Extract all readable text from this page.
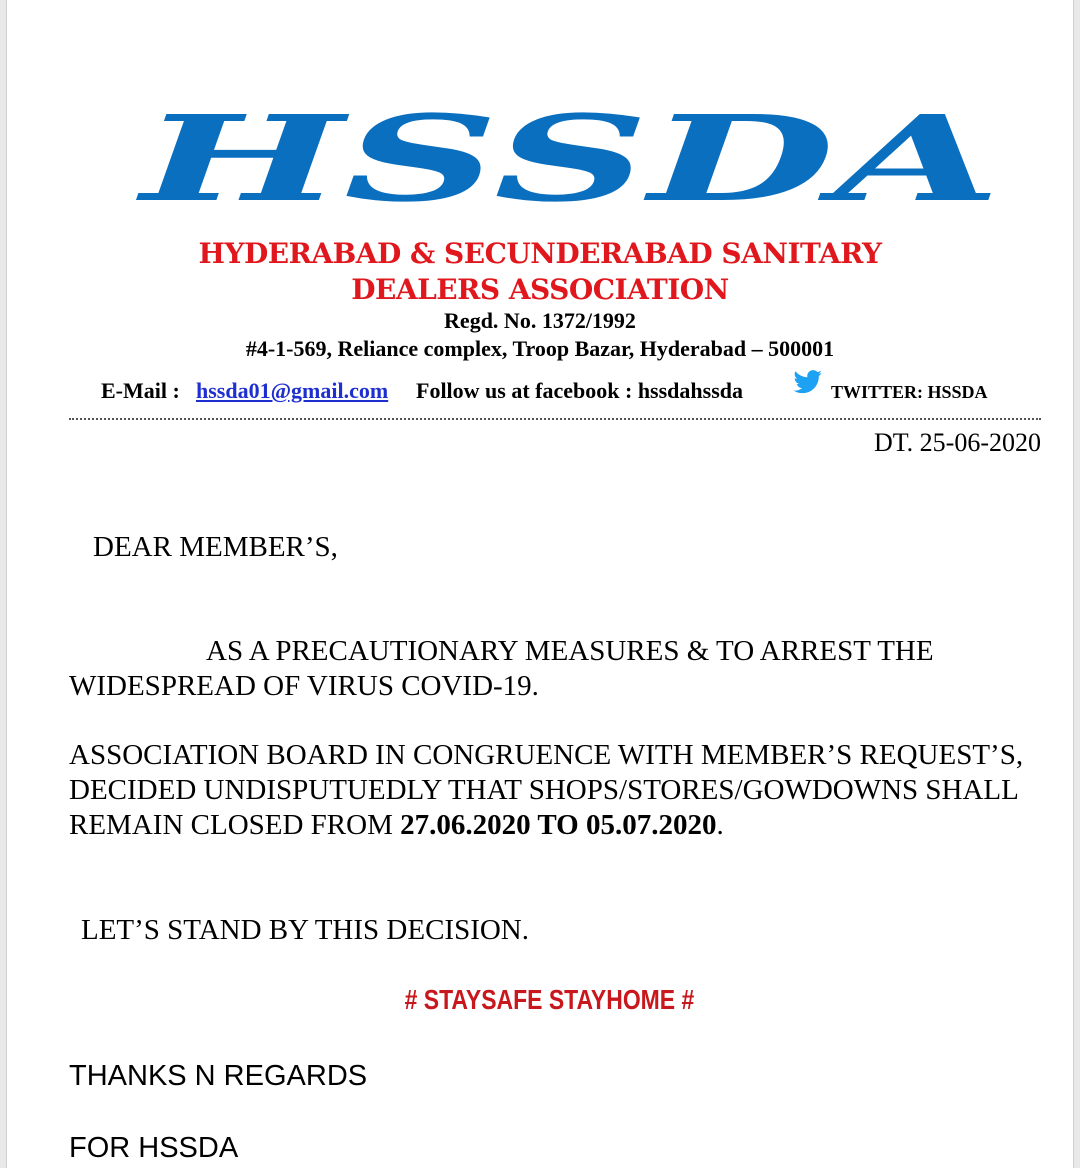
HSSDA
HYDERABAD & SECUNDERABAD SANITARY
DEALERS ASSOCIATION
Regd. No. 1372/1992
#4-1-569, Reliance complex, Troop Bazar, Hyderabad – 500001
E-Mail : hssda01@gmail.com Follow us at facebook : hssdahssda	TWITTER: HSSDA
DT. 25-06-2020
DEAR MEMBER’S,
AS A PRECAUTIONARY MEASURES & TO ARREST THE WIDESPREAD OF VIRUS COVID-19.
ASSOCIATION BOARD IN CONGRUENCE WITH MEMBER’S REQUEST’S, DECIDED UNDISPUTUEDLY THAT SHOPS/STORES/GOWDOWNS SHALL REMAIN CLOSED FROM 27.06.2020 TO 05.07.2020.
LET’S STAND BY THIS DECISION.
# STAYSAFE STAYHOME #
THANKS N REGARDS
FOR HSSDA
